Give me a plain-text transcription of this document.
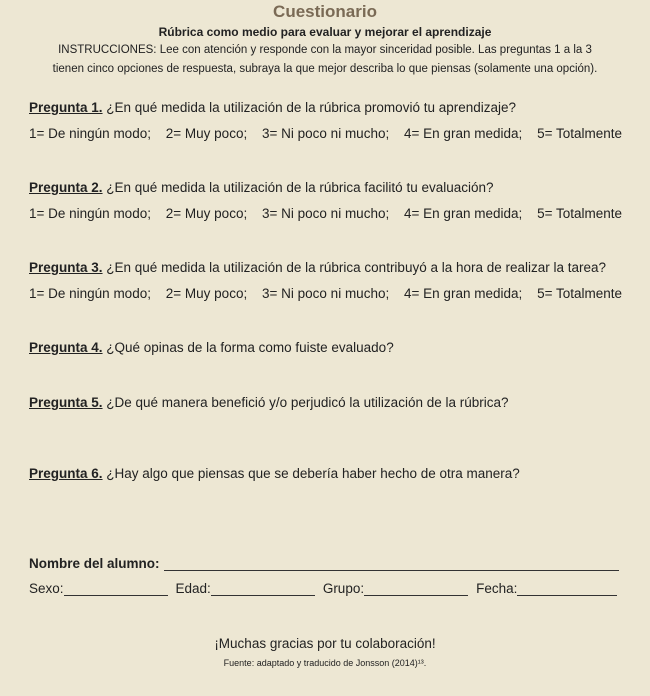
Cuestionario
Rúbrica como medio para evaluar y mejorar el aprendizaje
INSTRUCCIONES: Lee con atención y responde con la mayor sinceridad posible. Las preguntas 1 a la 3
tienen cinco opciones de respuesta, subraya la que mejor describa lo que piensas (solamente una opción).
Pregunta 1. ¿En qué medida la utilización de la rúbrica promovió tu aprendizaje?
1= De ningún modo; 2= Muy poco; 3= Ni poco ni mucho; 4= En gran medida; 5= Totalmente
Pregunta 2. ¿En qué medida la utilización de la rúbrica facilitó tu evaluación?
1= De ningún modo; 2= Muy poco; 3= Ni poco ni mucho; 4= En gran medida; 5= Totalmente
Pregunta 3. ¿En qué medida la utilización de la rúbrica contribuyó a la hora de realizar la tarea?
1= De ningún modo; 2= Muy poco; 3= Ni poco ni mucho; 4= En gran medida; 5= Totalmente
Pregunta 4. ¿Qué opinas de la forma como fuiste evaluado?
Pregunta 5. ¿De qué manera benefició y/o perjudicó la utilización de la rúbrica?
Pregunta 6. ¿Hay algo que piensas que se debería haber hecho de otra manera?
Nombre del alumno:
Sexo:	Edad:	Grupo:	Fecha:
¡Muchas gracias por tu colaboración!
Fuente: adaptado y traducido de Jonsson (2014)¹³.
